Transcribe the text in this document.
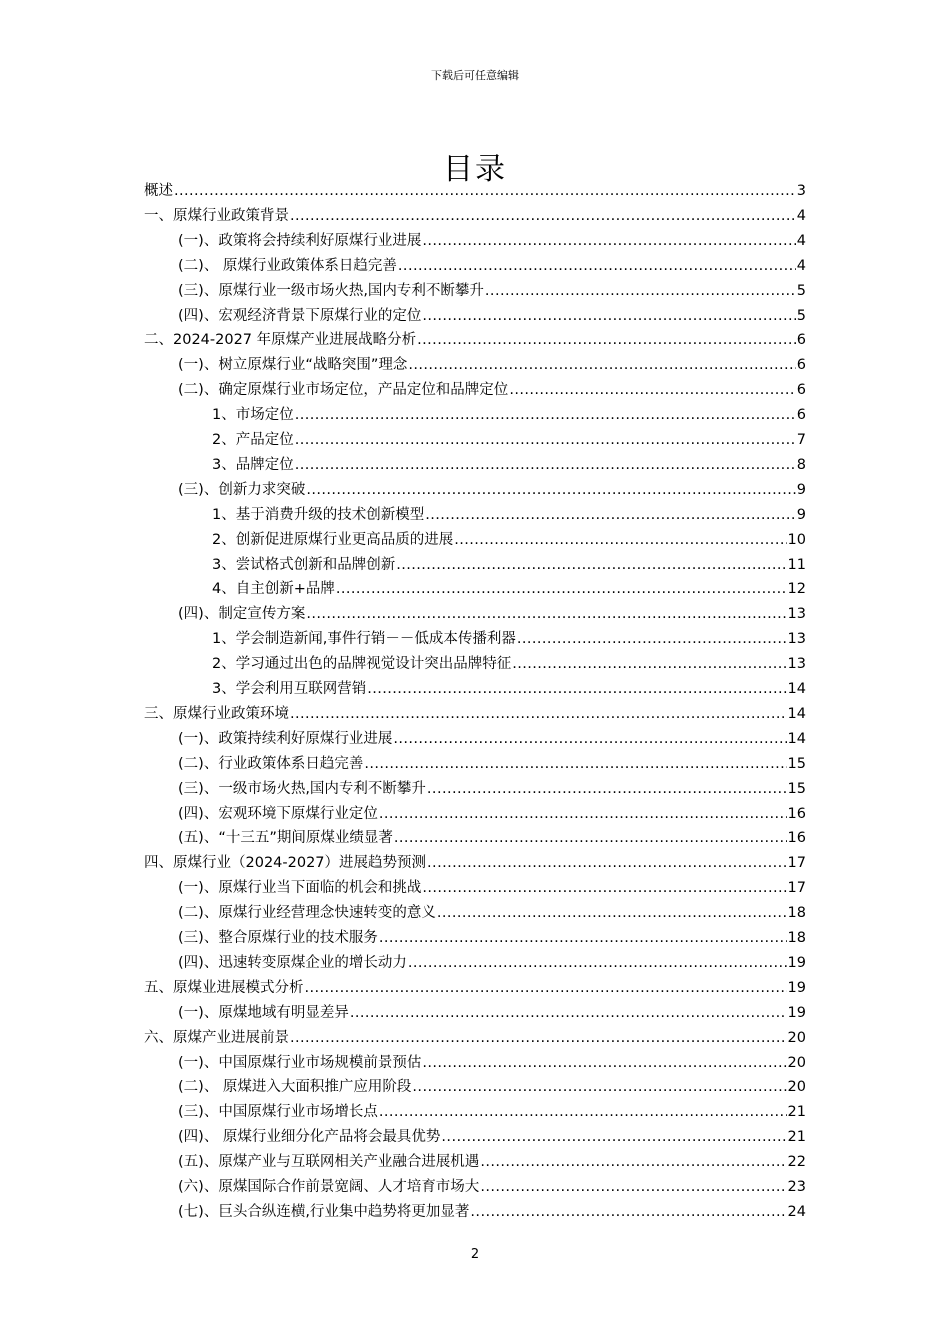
下载后可任意编辑
目录
概述 .....	3
一、原煤行业政策背景 .....	4
(一)、政策将会持续利好原煤行业进展 .....	4
(二)、 原煤行业政策体系日趋完善 .....	4
(三)、原煤行业一级市场火热,国内专利不断攀升 .....	5
(四)、宏观经济背景下原煤行业的定位 .....	5
二、2024-2027 年原煤产业进展战略分析 .....	6
(一)、树立原煤行业“战略突围”理念 .....	6
(二)、确定原煤行业市场定位，产品定位和品牌定位 .....	6
1、市场定位 .....	6
2、产品定位 .....	7
3、品牌定位 .....	8
(三)、创新力求突破 .....	9
1、基于消费升级的技术创新模型 .....	9
2、创新促进原煤行业更高品质的进展 .....	10
3、尝试格式创新和品牌创新 .....	11
4、自主创新+品牌 .....	12
(四)、制定宣传方案 .....	13
1、学会制造新闻,事件行销－－低成本传播利器 .....	13
2、学习通过出色的品牌视觉设计突出品牌特征 .....	13
3、学会利用互联网营销 .....	14
三、原煤行业政策环境 .....	14
(一)、政策持续利好原煤行业进展 .....	14
(二)、行业政策体系日趋完善 .....	15
(三)、一级市场火热,国内专利不断攀升 .....	15
(四)、宏观环境下原煤行业定位 .....	16
(五)、“十三五”期间原煤业绩显著 .....	16
四、原煤行业（2024-2027）进展趋势预测 .....	17
(一)、原煤行业当下面临的机会和挑战 .....	17
(二)、原煤行业经营理念快速转变的意义 .....	18
(三)、整合原煤行业的技术服务 .....	18
(四)、迅速转变原煤企业的增长动力 .....	19
五、原煤业进展模式分析 .....	19
(一)、原煤地域有明显差异 .....	19
六、原煤产业进展前景 .....	20
(一)、中国原煤行业市场规模前景预估 .....	20
(二)、 原煤进入大面积推广应用阶段 .....	20
(三)、中国原煤行业市场增长点 .....	21
(四)、 原煤行业细分化产品将会最具优势 .....	21
(五)、原煤产业与互联网相关产业融合进展机遇 .....	22
(六)、原煤国际合作前景宽阔、人才培育市场大 .....	23
(七)、巨头合纵连横,行业集中趋势将更加显著 .....	24
2
